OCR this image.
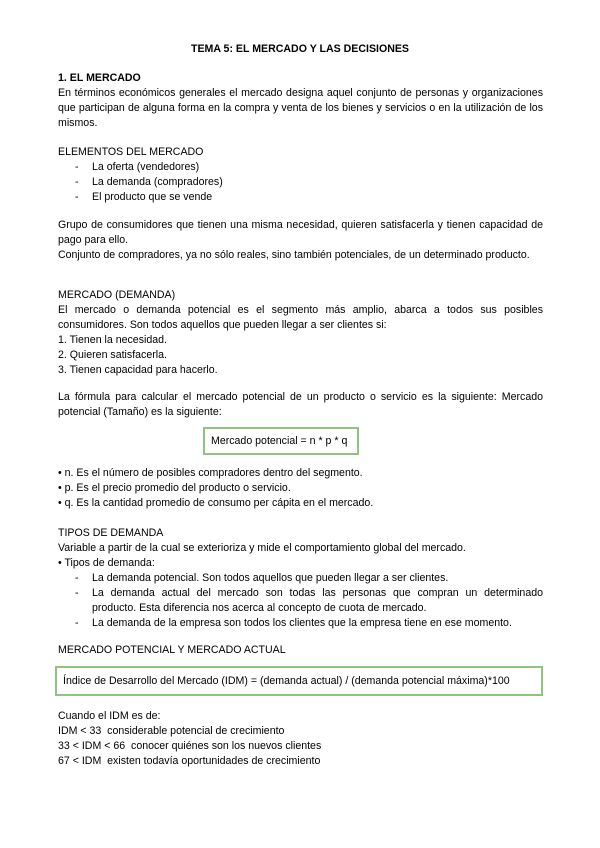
TEMA 5: EL MERCADO Y LAS DECISIONES
1. EL MERCADO

En términos económicos generales el mercado designa aquel conjunto de personas y organizaciones que participan de alguna forma en la compra y venta de los bienes y servicios o en la utilización de los mismos.

ELEMENTOS DEL MERCADO
- La oferta (vendedores)
- La demanda (compradores)
- El producto que se vende

Grupo de consumidores que tienen una misma necesidad, quieren satisfacerla y tienen capacidad de pago para ello.

Conjunto de compradores, ya no sólo reales, sino también potenciales, de un determinado producto.

MERCADO (DEMANDA)

El mercado o demanda potencial es el segmento más amplio, abarca a todos sus posibles consumidores. Son todos aquellos que pueden llegar a ser clientes si:

1. Tienen la necesidad.
2. Quieren satisfacerla.
3. Tienen capacidad para hacerlo.

La fórmula para calcular el mercado potencial de un producto o servicio es la siguiente: Mercado potencial (Tamaño) es la siguiente:

Mercado potencial = n * p * q
• n. Es el número de posibles compradores dentro del segmento.
• p. Es el precio promedio del producto o servicio.
• q. Es la cantidad promedio de consumo per cápita en el mercado.
TIPOS DE DEMANDA

Variable a partir de la cual se exterioriza y mide el comportamiento global del mercado.

• Tipos de demanda:
- La demanda potencial. Son todos aquellos que pueden llegar a ser clientes.
- La demanda actual del mercado son todas las personas que compran un determinado producto. Esta diferencia nos acerca al concepto de cuota de mercado.
- La demanda de la empresa son todos los clientes que la empresa tiene en ese momento.
MERCADO POTENCIAL Y MERCADO ACTUAL
Índice de Desarrollo del Mercado (IDM) = (demanda actual) / (demanda potencial máxima)*100
Cuando el IDM es de:
IDM < 33  considerable potencial de crecimiento
33 < IDM < 66  conocer quiénes son los nuevos clientes
67 < IDM  existen todavía oportunidades de crecimiento
